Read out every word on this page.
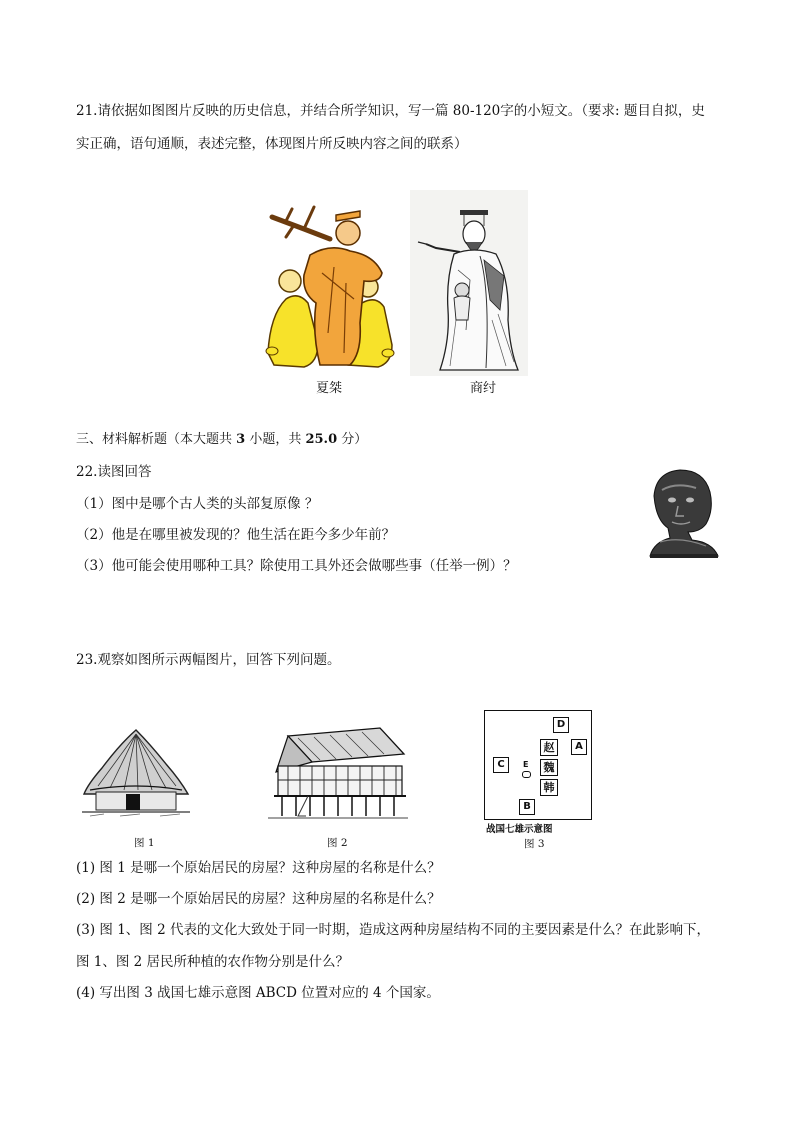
21.请依据如图图片反映的历史信息，并结合所学知识，写一篇 80-120字的小短文。（要求: 题目自拟，史
实正确，语句通顺，表述完整，体现图片所反映内容之间的联系）
夏桀	商纣
三、材料解析题（本大题共 3 小题，共 25.0 分）
22.读图回答
（1）图中是哪个古人类的头部复原像 ？
（2）他是在哪里被发现的？他生活在距今多少年前？
（3）他可能会使用哪种工具？除使用工具外还会做哪些事（任举一例）？
23.观察如图所示两幅图片，回答下列问题。
图 1	图 2
D
A
C
B
赵
魏
韩
E
战国七雄示意图
图 3
(1) 图 1 是哪一个原始居民的房屋？这种房屋的名称是什么？
(2) 图 2 是哪一个原始居民的房屋？这种房屋的名称是什么？
(3) 图 1、图 2 代表的文化大致处于同一时期，造成这两种房屋结构不同的主要因素是什么？在此影响下，
图 1、图 2 居民所种植的农作物分别是什么？
(4) 写出图 3 战国七雄示意图 ABCD 位置对应的 4 个国家。
